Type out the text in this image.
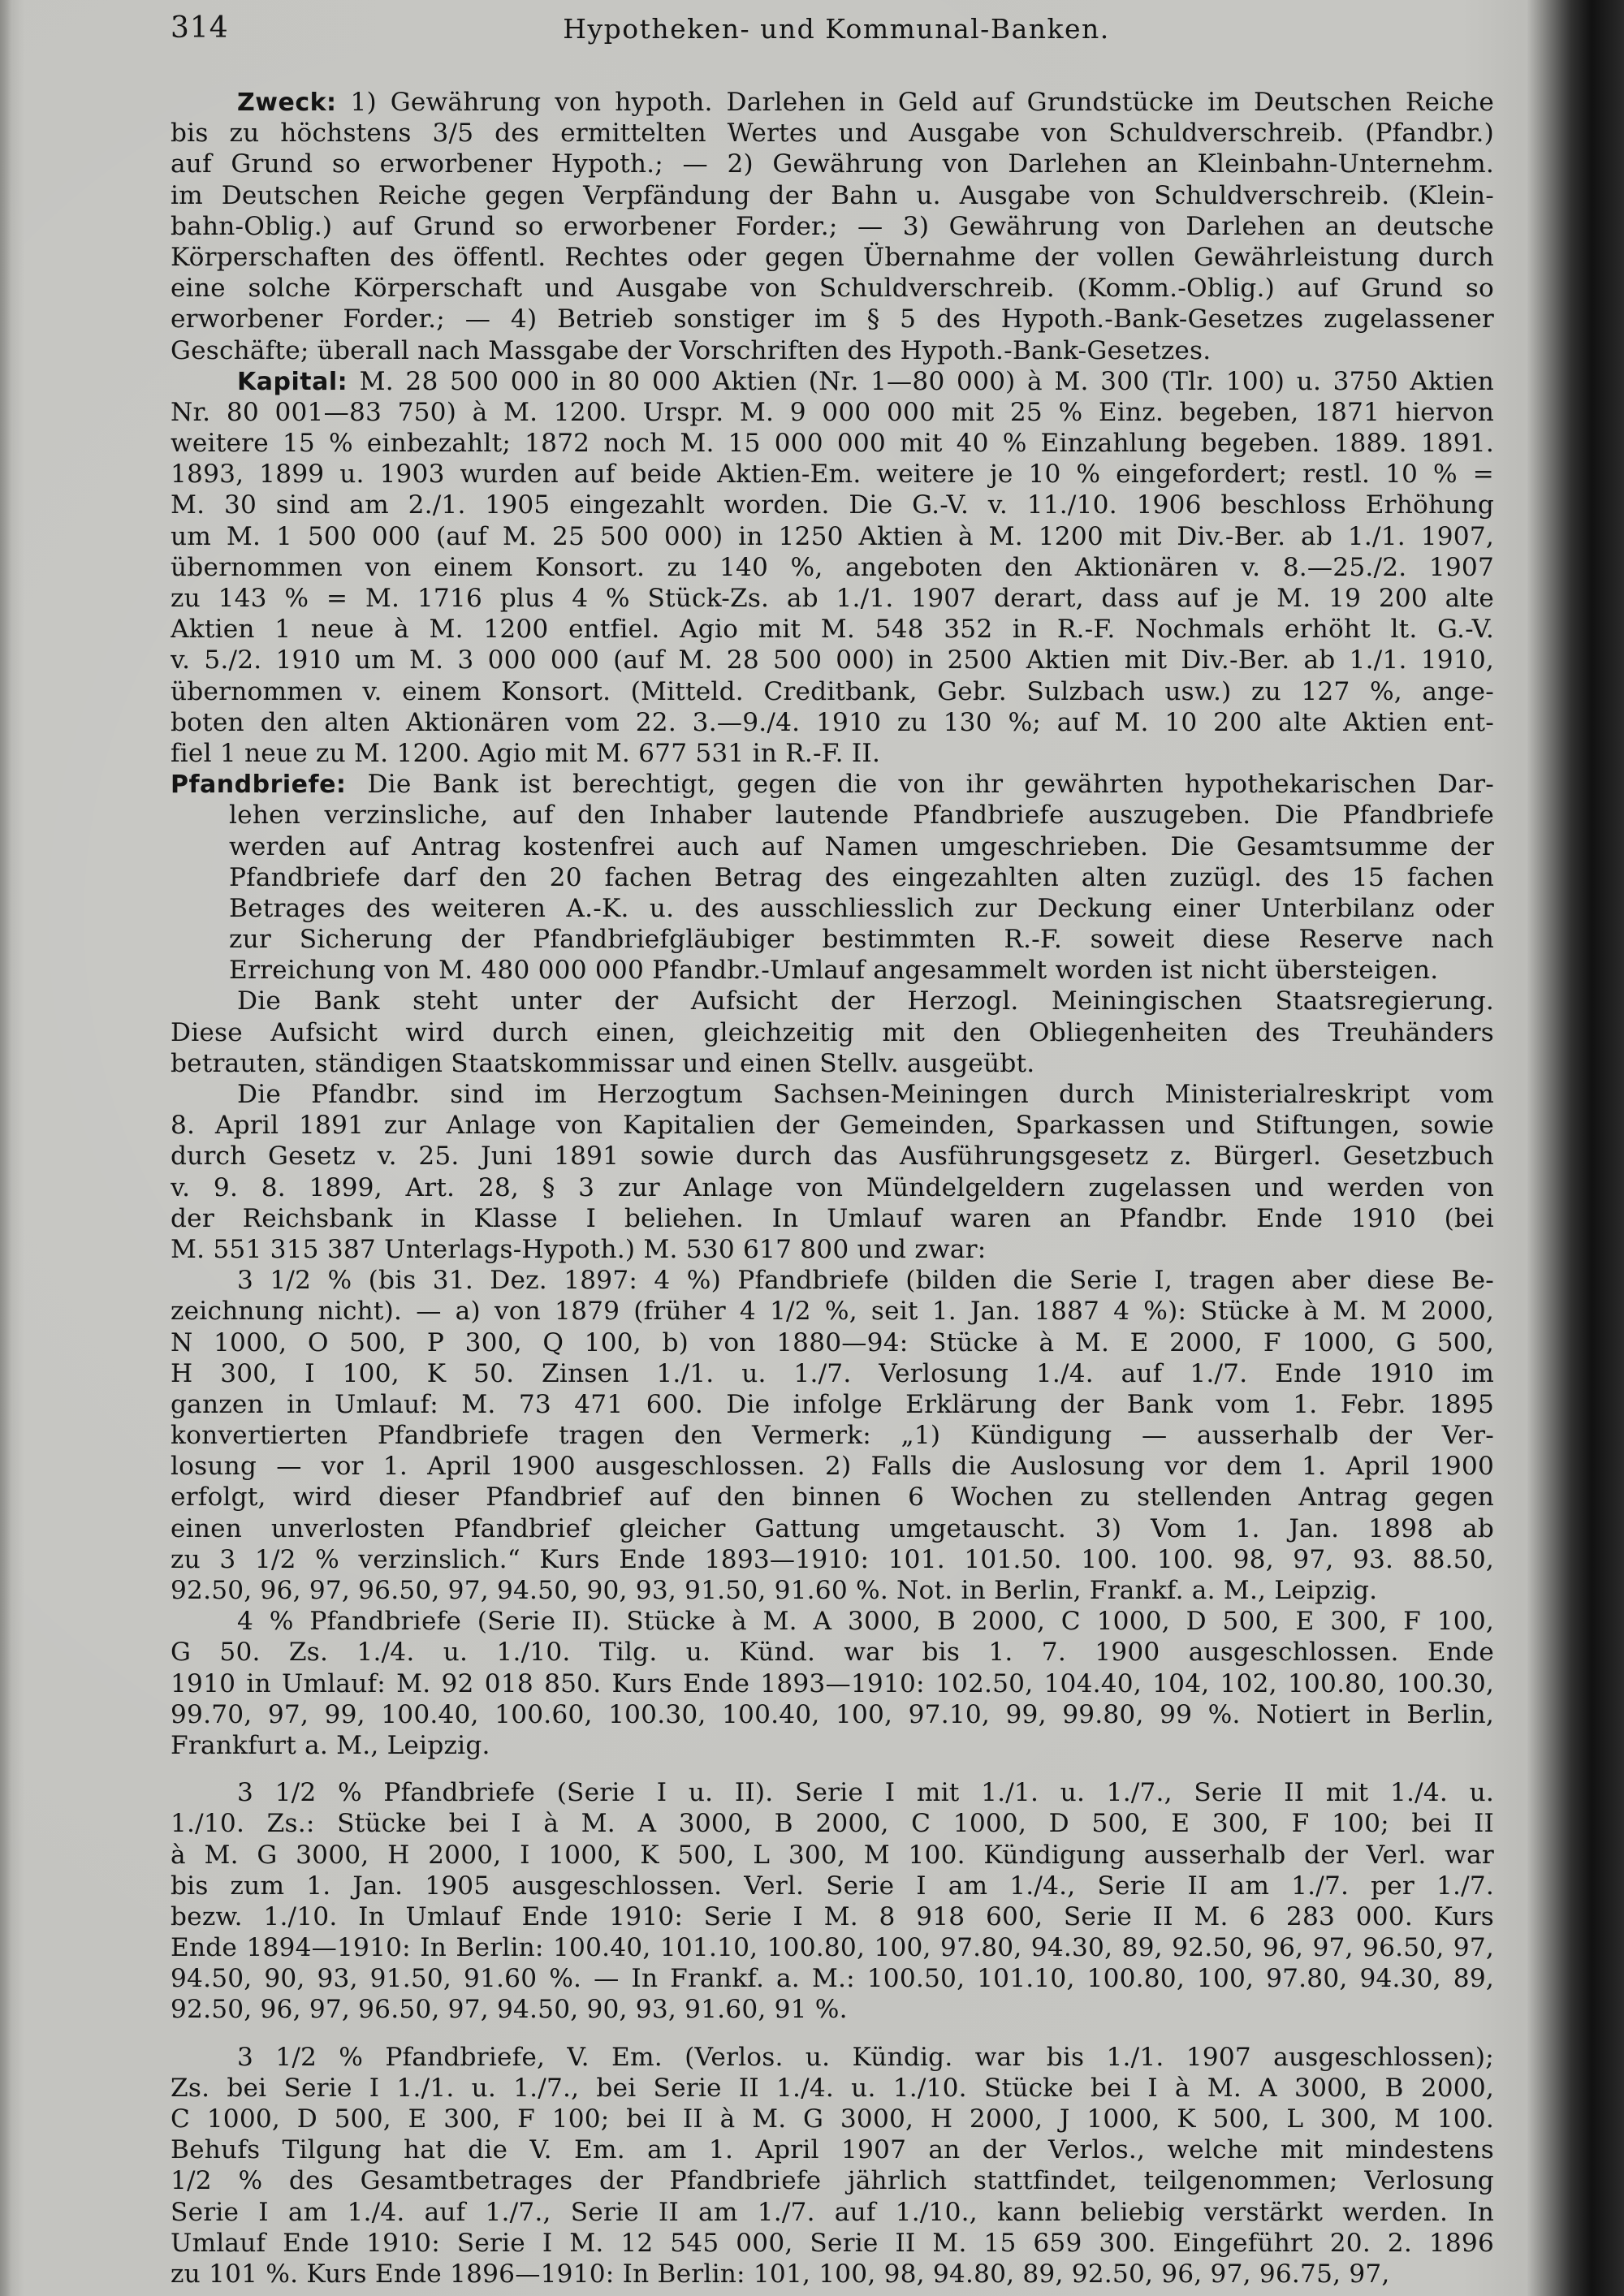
314	Hypotheken- und Kommunal-Banken.
Zweck: 1) Gewährung von hypoth. Darlehen in Geld auf Grundstücke im Deutschen Reiche
bis zu höchstens 3/5 des ermittelten Wertes und Ausgabe von Schuldverschreib. (Pfandbr.)
auf Grund so erworbener Hypoth.; — 2) Gewährung von Darlehen an Kleinbahn-Unternehm.
im Deutschen Reiche gegen Verpfändung der Bahn u. Ausgabe von Schuldverschreib. (Klein-
bahn-Oblig.) auf Grund so erworbener Forder.; — 3) Gewährung von Darlehen an deutsche
Körperschaften des öffentl. Rechtes oder gegen Übernahme der vollen Gewährleistung durch
eine solche Körperschaft und Ausgabe von Schuldverschreib. (Komm.-Oblig.) auf Grund so
erworbener Forder.; — 4) Betrieb sonstiger im § 5 des Hypoth.-Bank-Gesetzes zugelassener
Geschäfte; überall nach Massgabe der Vorschriften des Hypoth.-Bank-Gesetzes.
Kapital: M. 28 500 000 in 80 000 Aktien (Nr. 1—80 000) à M. 300 (Tlr. 100) u. 3750 Aktien
Nr. 80 001—83 750) à M. 1200. Urspr. M. 9 000 000 mit 25 % Einz. begeben, 1871 hiervon
weitere 15 % einbezahlt; 1872 noch M. 15 000 000 mit 40 % Einzahlung begeben. 1889. 1891.
1893, 1899 u. 1903 wurden auf beide Aktien-Em. weitere je 10 % eingefordert; restl. 10 % =
M. 30 sind am 2./1. 1905 eingezahlt worden. Die G.-V. v. 11./10. 1906 beschloss Erhöhung
um M. 1 500 000 (auf M. 25 500 000) in 1250 Aktien à M. 1200 mit Div.-Ber. ab 1./1. 1907,
übernommen von einem Konsort. zu 140 %, angeboten den Aktionären v. 8.—25./2. 1907
zu 143 % = M. 1716 plus 4 % Stück-Zs. ab 1./1. 1907 derart, dass auf je M. 19 200 alte
Aktien 1 neue à M. 1200 entfiel. Agio mit M. 548 352 in R.-F. Nochmals erhöht lt. G.-V.
v. 5./2. 1910 um M. 3 000 000 (auf M. 28 500 000) in 2500 Aktien mit Div.-Ber. ab 1./1. 1910,
übernommen v. einem Konsort. (Mitteld. Creditbank, Gebr. Sulzbach usw.) zu 127 %, ange-
boten den alten Aktionären vom 22. 3.—9./4. 1910 zu 130 %; auf M. 10 200 alte Aktien ent-
fiel 1 neue zu M. 1200. Agio mit M. 677 531 in R.-F. II.
Pfandbriefe: Die Bank ist berechtigt, gegen die von ihr gewährten hypothekarischen Dar-
lehen verzinsliche, auf den Inhaber lautende Pfandbriefe auszugeben. Die Pfandbriefe
werden auf Antrag kostenfrei auch auf Namen umgeschrieben. Die Gesamtsumme der
Pfandbriefe darf den 20 fachen Betrag des eingezahlten alten zuzügl. des 15 fachen
Betrages des weiteren A.-K. u. des ausschliesslich zur Deckung einer Unterbilanz oder
zur Sicherung der Pfandbriefgläubiger bestimmten R.-F. soweit diese Reserve nach
Erreichung von M. 480 000 000 Pfandbr.-Umlauf angesammelt worden ist nicht übersteigen.
Die Bank steht unter der Aufsicht der Herzogl. Meiningischen Staatsregierung.
Diese Aufsicht wird durch einen, gleichzeitig mit den Obliegenheiten des Treuhänders
betrauten, ständigen Staatskommissar und einen Stellv. ausgeübt.
Die Pfandbr. sind im Herzogtum Sachsen-Meiningen durch Ministerialreskript vom
8. April 1891 zur Anlage von Kapitalien der Gemeinden, Sparkassen und Stiftungen, sowie
durch Gesetz v. 25. Juni 1891 sowie durch das Ausführungsgesetz z. Bürgerl. Gesetzbuch
v. 9. 8. 1899, Art. 28, § 3 zur Anlage von Mündelgeldern zugelassen und werden von
der Reichsbank in Klasse I beliehen. In Umlauf waren an Pfandbr. Ende 1910 (bei
M. 551 315 387 Unterlags-Hypoth.) M. 530 617 800 und zwar:
3 1/2 % (bis 31. Dez. 1897: 4 %) Pfandbriefe (bilden die Serie I, tragen aber diese Be-
zeichnung nicht). — a) von 1879 (früher 4 1/2 %, seit 1. Jan. 1887 4 %): Stücke à M. M 2000,
N 1000, O 500, P 300, Q 100, b) von 1880—94: Stücke à M. E 2000, F 1000, G 500,
H 300, I 100, K 50. Zinsen 1./1. u. 1./7. Verlosung 1./4. auf 1./7. Ende 1910 im
ganzen in Umlauf: M. 73 471 600. Die infolge Erklärung der Bank vom 1. Febr. 1895
konvertierten Pfandbriefe tragen den Vermerk: „1) Kündigung — ausserhalb der Ver-
losung — vor 1. April 1900 ausgeschlossen. 2) Falls die Auslosung vor dem 1. April 1900
erfolgt, wird dieser Pfandbrief auf den binnen 6 Wochen zu stellenden Antrag gegen
einen unverlosten Pfandbrief gleicher Gattung umgetauscht. 3) Vom 1. Jan. 1898 ab
zu 3 1/2 % verzinslich.“ Kurs Ende 1893—1910: 101. 101.50. 100. 100. 98, 97, 93. 88.50,
92.50, 96, 97, 96.50, 97, 94.50, 90, 93, 91.50, 91.60 %. Not. in Berlin, Frankf. a. M., Leipzig.
4 % Pfandbriefe (Serie II). Stücke à M. A 3000, B 2000, C 1000, D 500, E 300, F 100,
G 50. Zs. 1./4. u. 1./10. Tilg. u. Künd. war bis 1. 7. 1900 ausgeschlossen. Ende
1910 in Umlauf: M. 92 018 850. Kurs Ende 1893—1910: 102.50, 104.40, 104, 102, 100.80, 100.30,
99.70, 97, 99, 100.40, 100.60, 100.30, 100.40, 100, 97.10, 99, 99.80, 99 %. Notiert in Berlin,
Frankfurt a. M., Leipzig.
3 1/2 % Pfandbriefe (Serie I u. II). Serie I mit 1./1. u. 1./7., Serie II mit 1./4. u.
1./10. Zs.: Stücke bei I à M. A 3000, B 2000, C 1000, D 500, E 300, F 100; bei II
à M. G 3000, H 2000, I 1000, K 500, L 300, M 100. Kündigung ausserhalb der Verl. war
bis zum 1. Jan. 1905 ausgeschlossen. Verl. Serie I am 1./4., Serie II am 1./7. per 1./7.
bezw. 1./10. In Umlauf Ende 1910: Serie I M. 8 918 600, Serie II M. 6 283 000. Kurs
Ende 1894—1910: In Berlin: 100.40, 101.10, 100.80, 100, 97.80, 94.30, 89, 92.50, 96, 97, 96.50, 97,
94.50, 90, 93, 91.50, 91.60 %. — In Frankf. a. M.: 100.50, 101.10, 100.80, 100, 97.80, 94.30, 89,
92.50, 96, 97, 96.50, 97, 94.50, 90, 93, 91.60, 91 %.
3 1/2 % Pfandbriefe, V. Em. (Verlos. u. Kündig. war bis 1./1. 1907 ausgeschlossen);
Zs. bei Serie I 1./1. u. 1./7., bei Serie II 1./4. u. 1./10. Stücke bei I à M. A 3000, B 2000,
C 1000, D 500, E 300, F 100; bei II à M. G 3000, H 2000, J 1000, K 500, L 300, M 100.
Behufs Tilgung hat die V. Em. am 1. April 1907 an der Verlos., welche mit mindestens
1/2 % des Gesamtbetrages der Pfandbriefe jährlich stattfindet, teilgenommen; Verlosung
Serie I am 1./4. auf 1./7., Serie II am 1./7. auf 1./10., kann beliebig verstärkt werden. In
Umlauf Ende 1910: Serie I M. 12 545 000, Serie II M. 15 659 300. Eingeführt 20. 2. 1896
zu 101 %. Kurs Ende 1896—1910: In Berlin: 101, 100, 98, 94.80, 89, 92.50, 96, 97, 96.75, 97,
